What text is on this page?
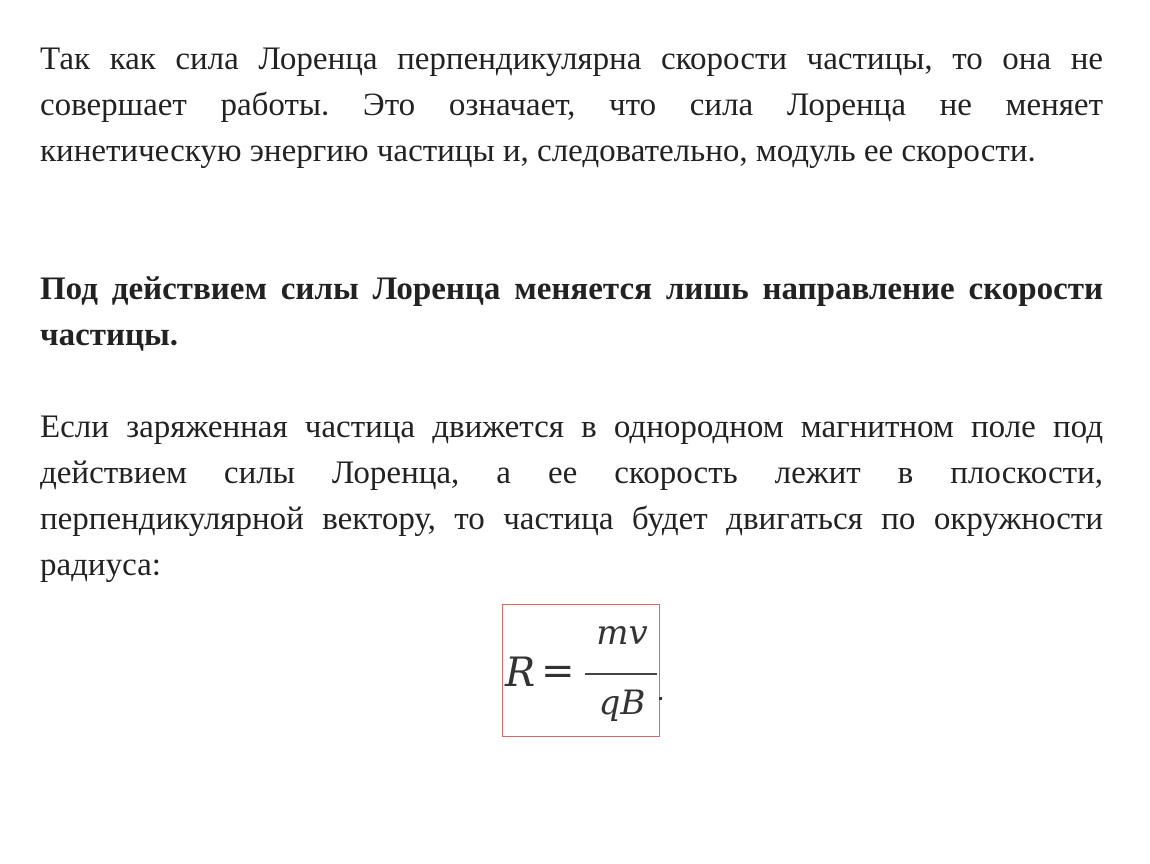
Так как сила Лоренца перпендикулярна скорости частицы, то она не совершает работы. Это означает, что сила Лоренца не меняет кинетическую энергию частицы и, следовательно, модуль ее скорости.
Под действием силы Лоренца меняется лишь направление скорости частицы.
Если заряженная частица движется в однородном магнитном поле под действием силы Лоренца, а ее скорость лежит в плоскости, перпендикулярной вектору, то частица будет двигаться по окружности радиуса:
R =
mv
qB
